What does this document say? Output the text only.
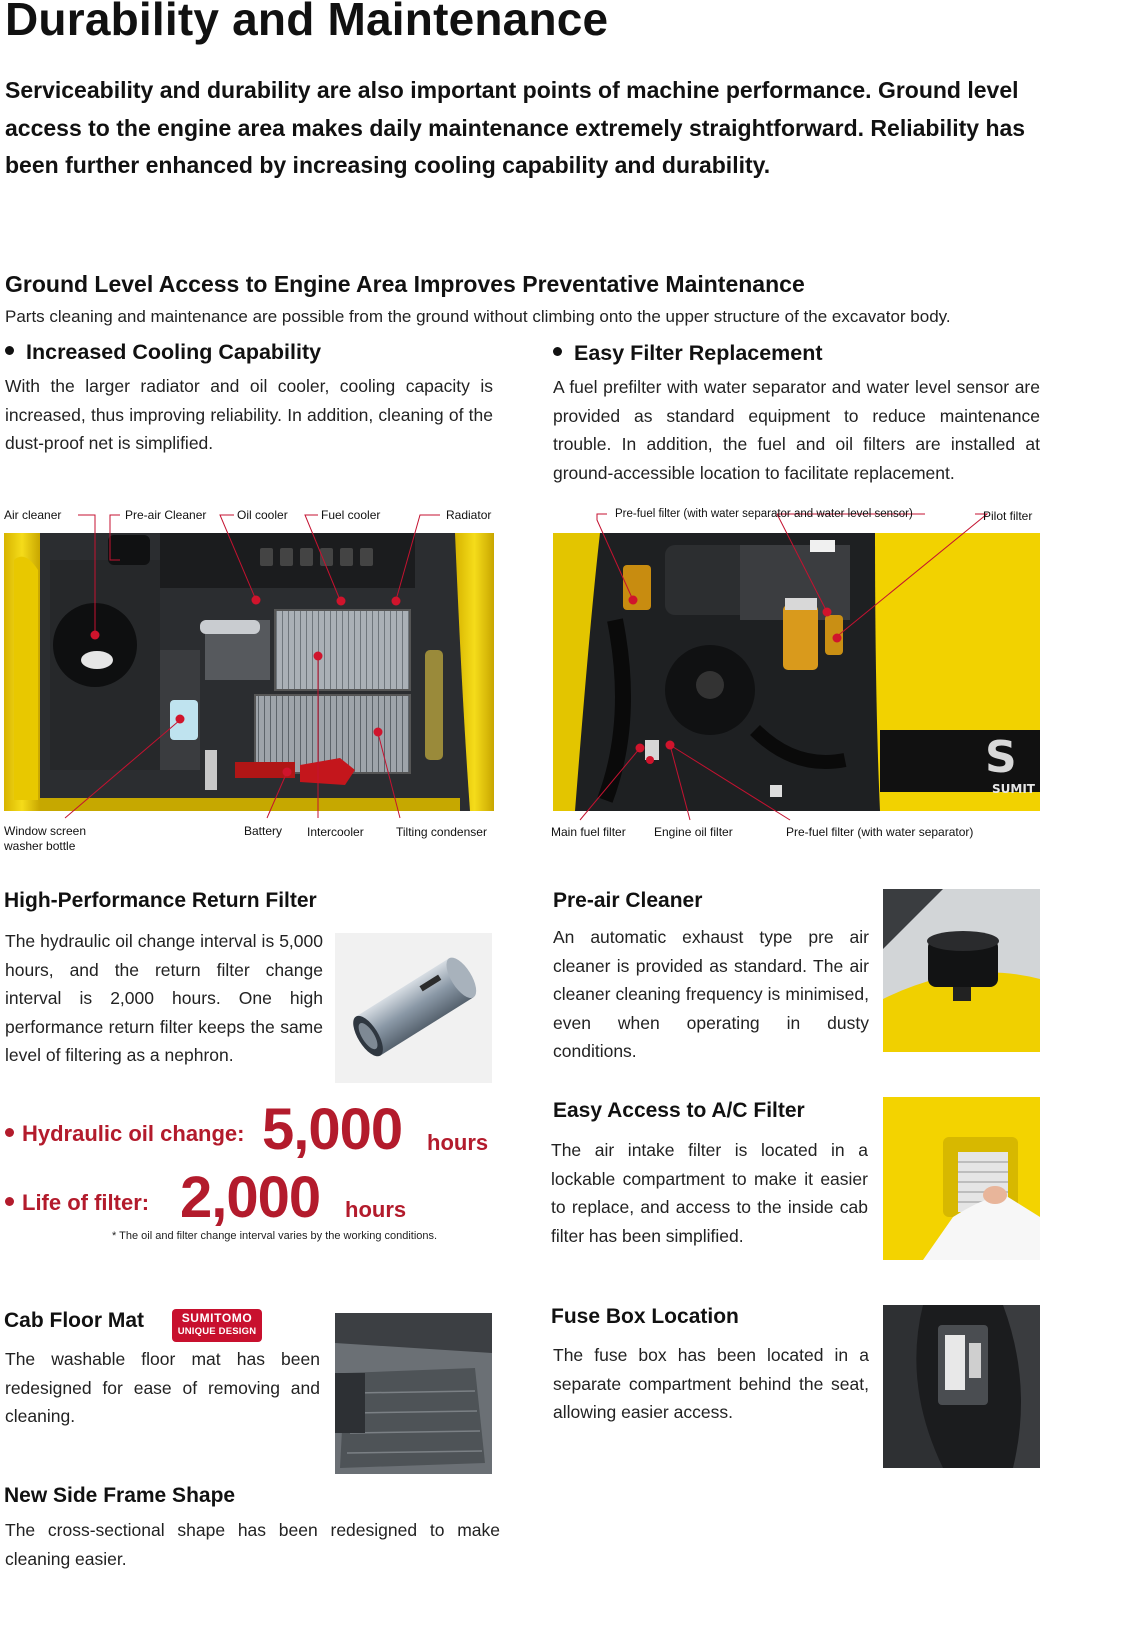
Durability and Maintenance

Serviceability and durability are also important points of machine performance. Ground level access to the engine area makes daily maintenance extremely straightforward. Reliability has been further enhanced by increasing cooling capability and durability.

Ground Level Access to Engine Area Improves Preventative Maintenance

Parts cleaning and maintenance are possible from the ground without climbing onto the upper structure of the excavator body.

Increased Cooling Capability

With the larger radiator and oil cooler, cooling capacity is increased, thus improving reliability. In addition, cleaning of the dust-proof net is simplified.

Easy Filter Replacement

A fuel prefilter with water separator and water level sensor are provided as standard equipment to reduce maintenance trouble. In addition, the fuel and oil filters are installed at ground-accessible location to facilitate replacement.

Air cleaner	Pre-air Cleaner	Oil cooler	Fuel cooler	Radiator
Window screen washer bottle
Battery Intercooler	Tilting condenser
S
SUMIT
Pre-fuel filter (with water separator and water level sensor)	Pilot filter
Main fuel filter Engine oil filter	Pre-fuel filter (with water separator)
High-Performance Return Filter

The hydraulic oil change interval is 5,000 hours, and the return filter change interval is 2,000 hours. One high performance return filter keeps the same level of filtering as a nephron.

Hydraulic oil change: 5,000 hours
Life of filter: 2,000 hours
* The oil and filter change interval varies by the working conditions.
Pre-air Cleaner

An automatic exhaust type pre air cleaner is provided as standard. The air cleaner cleaning frequency is minimised, even when operating in dusty conditions.

Easy Access to A/C Filter

The air intake filter is located in a lockable compartment to make it easier to replace, and access to the inside cab filter has been simplified.

Cab Floor Mat	SUMITOMO
UNIQUE DESIGN

The washable floor mat has been redesigned for ease of removing and cleaning.

Fuse Box Location

The fuse box has been located in a separate compartment behind the seat, allowing easier access.

New Side Frame Shape

The cross-sectional shape has been redesigned to make cleaning easier.
